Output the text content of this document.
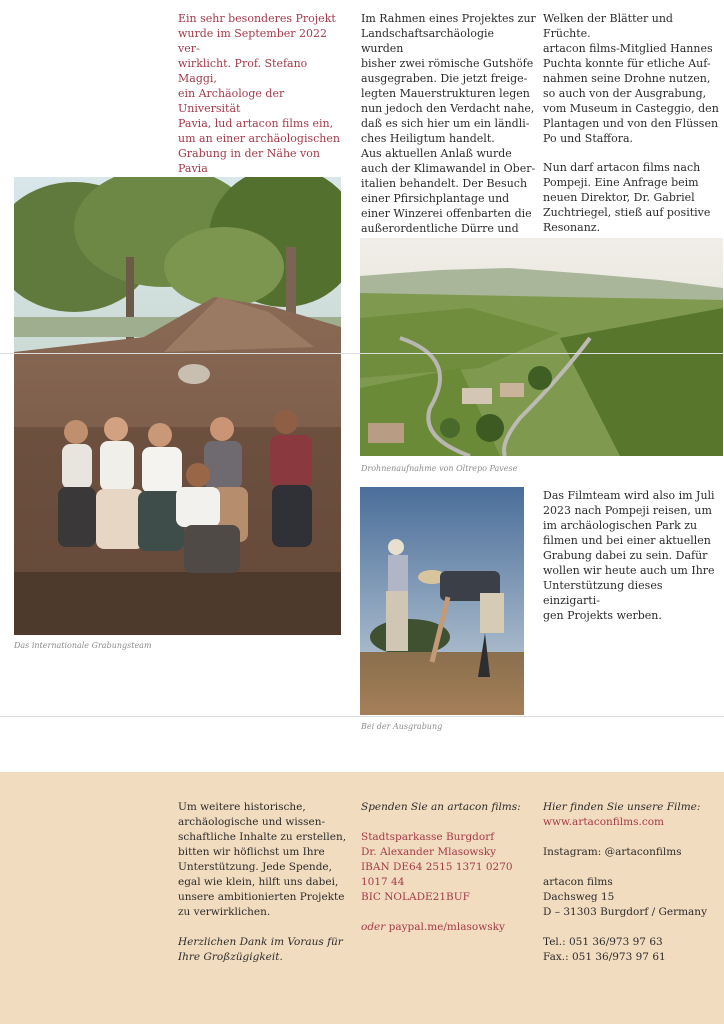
Ein sehr besonderes Projekt

wurde im September 2022 ver-

wirklicht. Prof. Stefano Maggi,

ein Archäologe der Universität

Pavia, lud artacon films ein,

um an einer archäologischen

Grabung in der Nähe von Pavia

Im Rahmen eines Projektes zur

Landschaftsarchäologie wurden

bisher zwei römische Gutshöfe

ausgegraben. Die jetzt freige-

legten Mauerstrukturen legen

nun jedoch den Verdacht nahe,

daß es sich hier um ein ländli-

ches Heiligtum handelt.

Aus aktuellen Anlaß wurde

auch der Klimawandel in Ober-

italien behandelt. Der Besuch

einer Pfirsichplantage und

einer Winzerei offenbarten die

außerordentliche Dürre und

Welken der Blätter und Früchte.

artacon films-Mitglied Hannes

Puchta konnte für etliche Auf-

nahmen seine Drohne nutzen,

so auch von der Ausgrabung,

vom Museum in Casteggio, den

Plantagen und von den Flüssen

Po und Staffora.

Nun darf artacon films nach

Pompeji. Eine Anfrage beim

neuen Direktor, Dr. Gabriel

Zuchtriegel, stieß auf positive

Resonanz.

Das internationale Grabungsteam
Drohnenaufnahme von Oltrepo Pavese
Bei der Ausgrabung

Das Filmteam wird also im Juli

2023 nach Pompeji reisen, um

im archäologischen Park zu

filmen und bei einer aktuellen

Grabung dabei zu sein. Dafür

wollen wir heute auch um Ihre

Unterstützung dieses einzigarti-

gen Projekts werben.

Um weitere historische,

archäologische und wissen-

schaftliche Inhalte zu erstellen,

bitten wir höflichst um Ihre

Unterstützung. Jede Spende,

egal wie klein, hilft uns dabei,

unsere ambitionierten Projekte

zu verwirklichen.

Herzlichen Dank im Voraus für

Ihre Großzügigkeit.

Spenden Sie an artacon films:

Stadtsparkasse Burgdorf

Dr. Alexander Mlasowsky

IBAN DE64 2515 1371 0270 1017 44

BIC NOLADE21BUF

oder paypal.me/mlasowsky

Hier finden Sie unsere Filme:

www.artaconfilms.com

Instagram: @artaconfilms

artacon films

Dachsweg 15

D – 31303 Burgdorf / Germany

Tel.: 051 36/973 97 63

Fax.: 051 36/973 97 61
